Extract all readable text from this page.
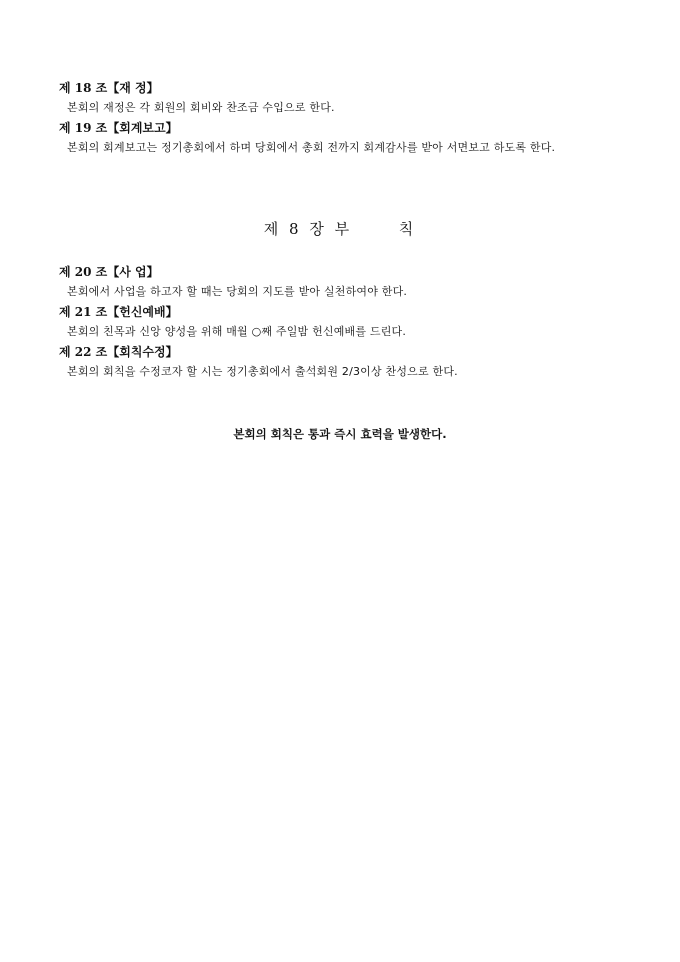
제 18 조【재 정】
본회의 재정은 각 회원의 회비와 찬조금 수입으로 한다.
제 19 조【회계보고】
본회의 회계보고는 정기총회에서 하며 당회에서 총회 전까지 회계감사를 받아 서면보고 하도록 한다.
제 8 장 부      칙
제 20 조【사 업】
본회에서 사업을 하고자 할 때는 당회의 지도를 받아 실천하여야 한다.
제 21 조【헌신예배】
본회의 친목과 신앙 양성을 위해 매월 ○째 주일밤 헌신예배를 드린다.
제 22 조【회칙수정】
본회의 회칙을 수정코자 할 시는 정기총회에서 출석회원 2/3이상 찬성으로 한다.
본회의 회칙은 통과 즉시 효력을 발생한다.
